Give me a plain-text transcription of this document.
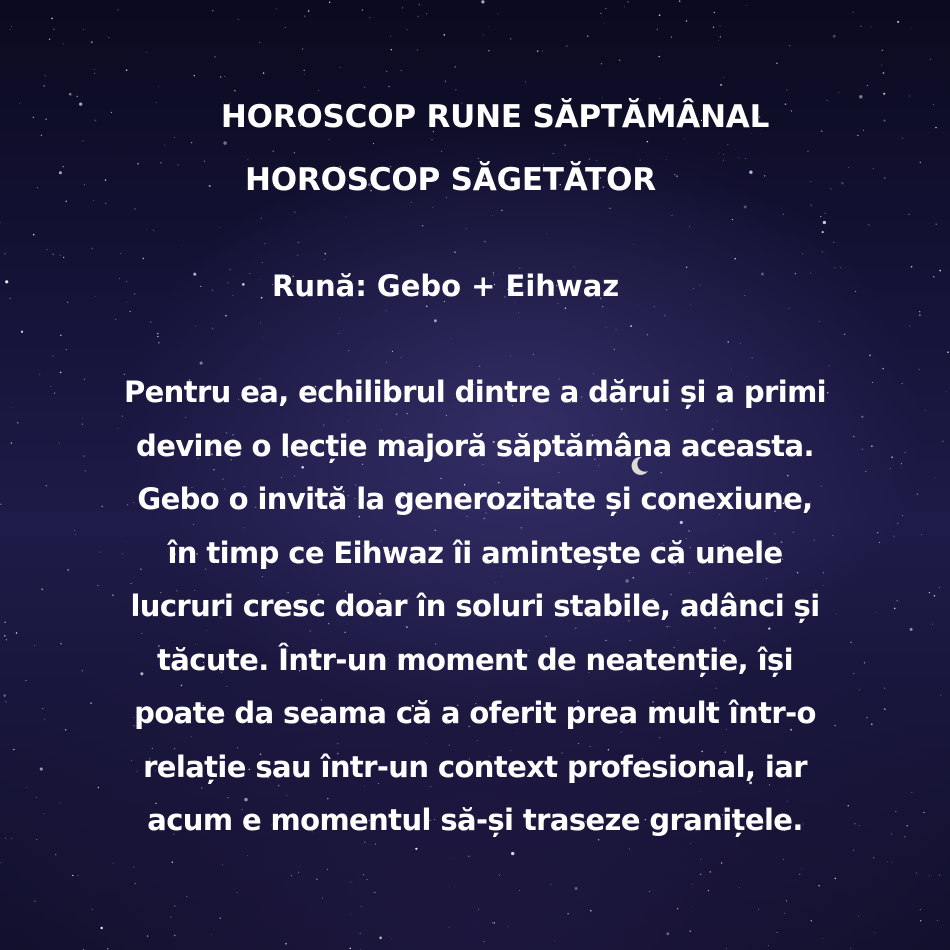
HOROSCOP RUNE SĂPTĂMÂNAL
HOROSCOP SĂGETĂTOR
Rună: Gebo + Eihwaz
Pentru ea, echilibrul dintre a dărui și a primi
devine o lecție majoră săptămâna aceasta.
Gebo o invită la generozitate și conexiune,
în timp ce Eihwaz îi amintește că unele
lucruri cresc doar în soluri stabile, adânci și
tăcute. Într-un moment de neatenție, își
poate da seama că a oferit prea mult într-o
relație sau într-un context profesional, iar
acum e momentul să-și traseze granițele.
